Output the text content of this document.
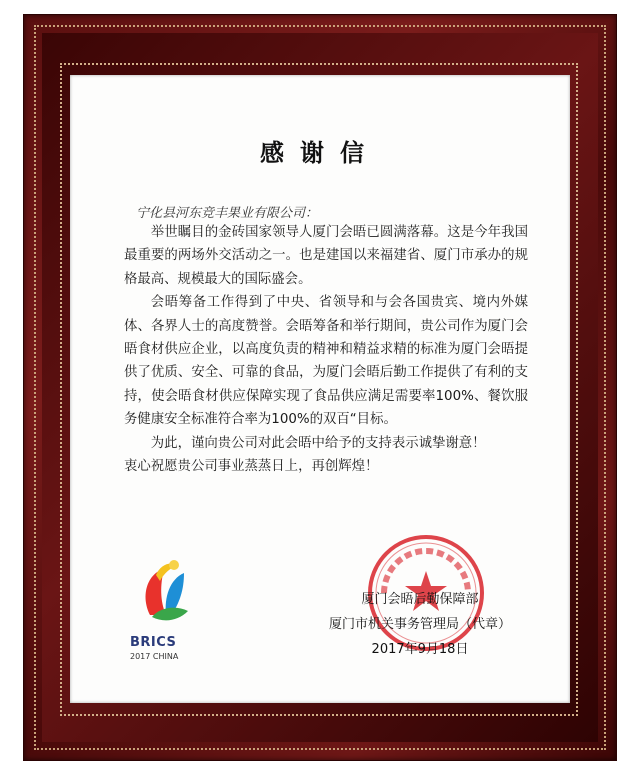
感谢信
宁化县河东竞丰果业有限公司：

举世瞩目的金砖国家领导人厦门会晤已圆满落幕。这是今年我国最重要的两场外交活动之一。也是建国以来福建省、厦门市承办的规格最高、规模最大的国际盛会。

会晤筹备工作得到了中央、省领导和与会各国贵宾、境内外媒体、各界人士的高度赞誉。会晤筹备和举行期间，贵公司作为厦门会晤食材供应企业，以高度负责的精神和精益求精的标准为厦门会晤提供了优质、安全、可靠的食品，为厦门会晤后勤工作提供了有利的支持，使会晤食材供应保障实现了食品供应满足需要率100%、餐饮服务健康安全标准符合率为100%的双百“目标。

为此，谨向贵公司对此会晤中给予的支持表示诚挚谢意！

衷心祝愿贵公司事业蒸蒸日上，再创辉煌！

BRICS
2017 CHINA
厦门会晤后勤保障部
厦门市机关事务管理局（代章）
2017年9月18日
